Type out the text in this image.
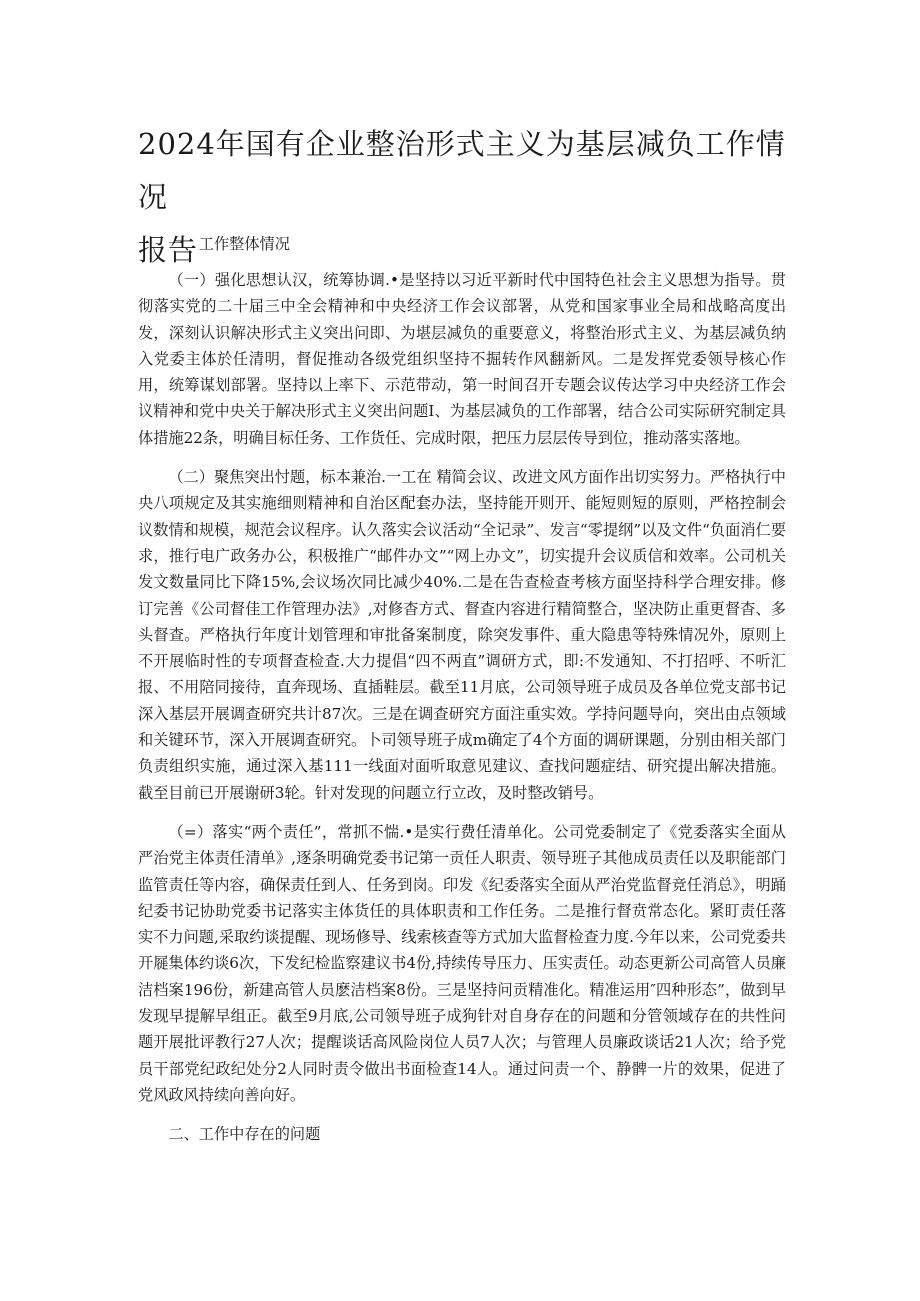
2024年国有企业整治形式主义为基层减负工作情况
报告

一、工作整体情况

（一）强化思想认汉，统筹协调.•是坚持以习近平新时代中国特色社会主义思想为指导。贯彻落实党的二十届三中全会精神和中央经济工作会议部署，从党和国家事业全局和战略高度出发，深刻认识解决形式主义突出问即、为堪层减负的重要意义，将整治形式主义、为基层减负纳入党委主体於任清明，督促推动各级党组织坚持不掘转作风翻新风。二是发挥党委领导核心作用，统筹谋划部署。坚持以上率下、示范带动，第一时间召开专题会议传达学习中央经济工作会议精神和党中央关于解决形式主义突出问题I、为基层减负的工作部署，结合公司实际研究制定具体措施22条，明确目标任务、工作货任、完成时限，把压力层层传导到位，推动落实落地。

（二）聚焦突出忖题，标本兼治.一工在 精简会议、改进文风方面作出切实努力。严格执行中央八项规定及其实施细则精神和自治区配套办法，坚持能开则开、能短则短的原则，严格控制会议数情和规模，规范会议程序。认久落实会议活动“全记录”、发言“零提纲”以及文件“负面消仁要求，推行电广政务办公，积极推广“邮件办文”“网上办文”，切实提升会议质信和效率。公司机关发文数量同比下降15%,会议场次同比减少40%.二是在告查检查考核方面坚持科学合理安排。修订完善《公司督佳工作管理办法》,对修杳方式、督查内容进行精简整合，坚决防止重更督杳、多头督查。严格执行年度计划管理和审批备案制度，除突发事件、重大隐患等特殊情况外，原则上不开展临时性的专项督查检查.大力提倡“四不两直”调研方式，即:不发通知、不打招呼、不听汇报、不用陪同接待，直奔现场、直插鞋层。截至11月底，公司领导班子成员及各单位党支部书记深入基层开展调查研究共计87次。三是在调查研究方面注重实效。学持问题导向，突出由点领域和关键环节，深入开展调查研究。卜司领导班子成m确定了4个方面的调研课题，分别由相关部门负责组织实施，通过深入基111一线面对面听取意见建议、查找问题症结、研究提出解决措施。截至目前已开展谢研3轮。针对发现的问题立行立改，及时整改销号。

（=）落实“两个责任”，常抓不惴.•是实行费任清单化。公司党委制定了《党委落实全面从严治党主体责任清单》,逐条明确党委书记第一贡任人职责、领导班子其他成员责任以及职能部门监管责任等内容，确保责任到人、任务到岗。印发《纪委落实全面从严治党监督竞任消总》，明踊纪委书记协助党委书记落实主体货任的具体职责和工作任务。二是推行督贲常态化。紧盯责任落实不力问题,采取约谈提醒、现场修导、线索核查等方式加大监督检查力度.今年以来，公司党委共开屣集体约谈6次，下发纪检监察建议书4份,持续传导压力、压实责任。动态更新公司高管人员廉洁档案196份，新建高管人员麽洁档案8份。三是坚持问贡精准化。精准运用″四种形态”，做到早发现早提解早组正。截至9月底,公司领导班子成狗针对自身存在的问题和分管领域存在的共性问题开展批评教行27人次；提醒谈话高风险岗位人员7人次；与管理人员廉政谈话21人次；给予党员干部党纪政纪处分2人同时责令做出书面检查14人。通过问责一个、静髀一片的效果，促进了党风政风持续向善向好。

二、工作中存在的问题
